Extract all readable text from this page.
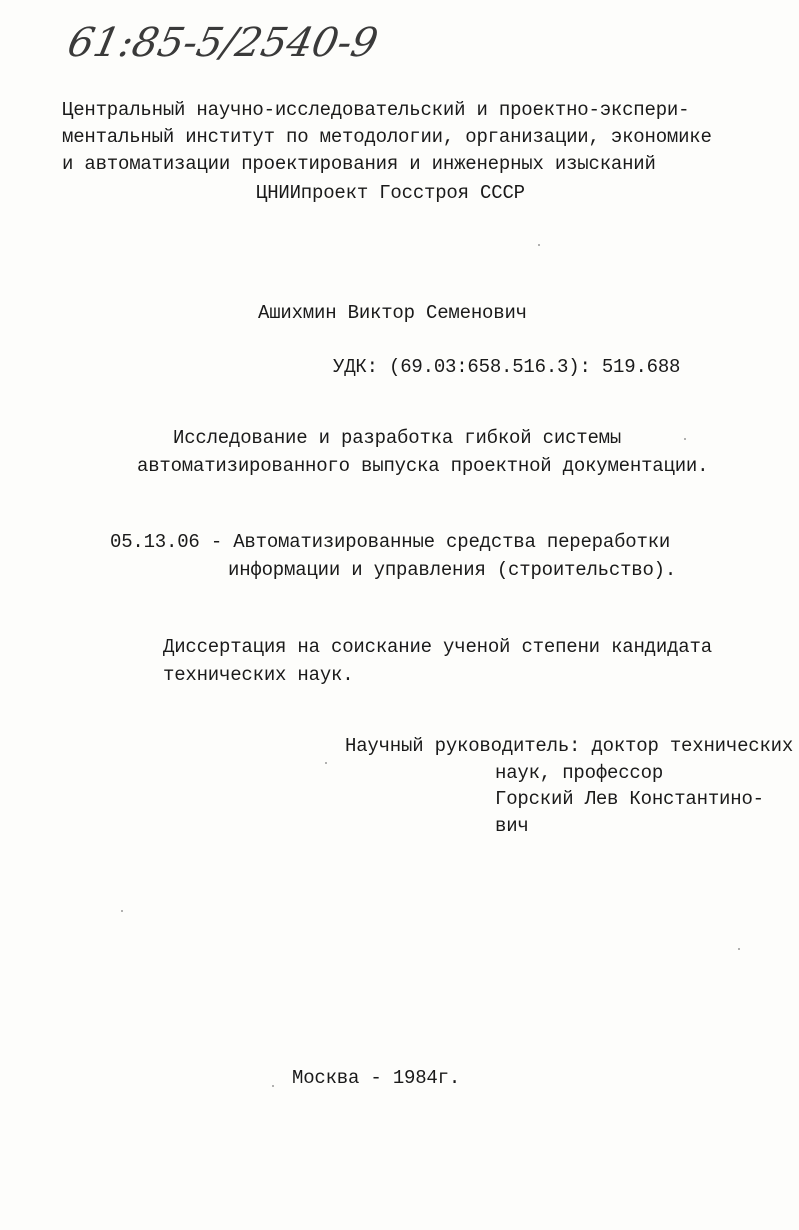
61:85-5/2540-9
Центральный научно-исследовательский и проектно-экспери-
ментальный институт по методологии, организации, экономике
и автоматизации проектирования и инженерных изысканий
ЦНИИпроект Госстроя СССР
Ашихмин Виктор Семенович
УДК: (69.03:658.516.3): 519.688
Исследование и разработка гибкой системы
автоматизированного выпуска проектной документации.
05.13.06 - Автоматизированные средства переработки
информации и управления (строительство).
Диссертация на соискание ученой степени кандидата
технических наук.
Научный руководитель: доктор технических
наук, профессор
Горский Лев Константино-
вич
Москва - 1984г.
